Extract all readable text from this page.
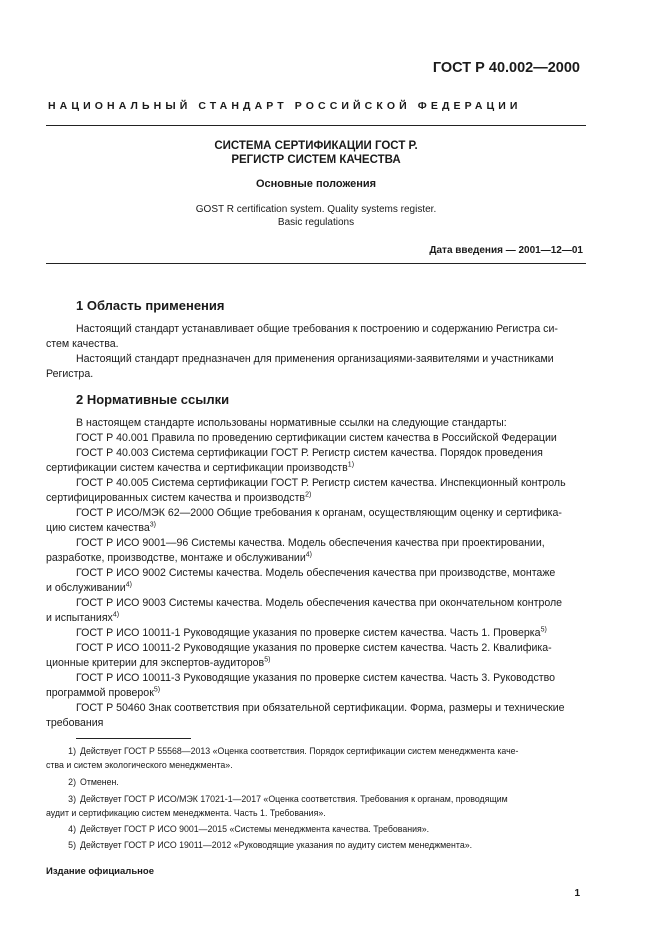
ГОСТ Р 40.002—2000
НАЦИОНАЛЬНЫЙ СТАНДАРТ РОССИЙСКОЙ ФЕДЕРАЦИИ
СИСТЕМА СЕРТИФИКАЦИИ ГОСТ Р.
РЕГИСТР СИСТЕМ КАЧЕСТВА
Основные положения
GOST R certification system. Quality systems register.
Basic regulations
Дата введения — 2001—12—01
1 Область применения
Настоящий стандарт устанавливает общие требования к построению и содержанию Регистра си-
стем качества.
Настоящий стандарт предназначен для применения организациями-заявителями и участниками
Регистра.
2 Нормативные ссылки
В настоящем стандарте использованы нормативные ссылки на следующие стандарты:
ГОСТ Р 40.001 Правила по проведению сертификации систем качества в Российской Федерации
ГОСТ Р 40.003 Система сертификации ГОСТ Р. Регистр систем качества. Порядок проведения
сертификации систем качества и сертификации производств$^{1)}$
ГОСТ Р 40.005 Система сертификации ГОСТ Р. Регистр систем качества. Инспекционный контроль
сертифицированных систем качества и производств$^{2)}$
ГОСТ Р ИСО/МЭК 62—2000 Общие требования к органам, осуществляющим оценку и сертифика-
цию систем качества$^{3)}$
ГОСТ Р ИСО 9001—96 Системы качества. Модель обеспечения качества при проектировании,
разработке, производстве, монтаже и обслуживании$^{4)}$
ГОСТ Р ИСО 9002 Системы качества. Модель обеспечения качества при производстве, монтаже
и обслуживании$^{4)}$
ГОСТ Р ИСО 9003 Системы качества. Модель обеспечения качества при окончательном контроле
и испытаниях$^{4)}$
ГОСТ Р ИСО 10011-1 Руководящие указания по проверке систем качества. Часть 1. Проверка$^{5)}$
ГОСТ Р ИСО 10011-2 Руководящие указания по проверке систем качества. Часть 2. Квалифика-
ционные критерии для экспертов-аудиторов$^{5)}$
ГОСТ Р ИСО 10011-3 Руководящие указания по проверке систем качества. Часть 3. Руководство
программой проверок$^{5)}$
ГОСТ Р 50460 Знак соответствия при обязательной сертификации. Форма, размеры и технические
требования
1) Действует ГОСТ Р 55568—2013 «Оценка соответствия. Порядок сертификации систем менеджмента каче-
ства и систем экологического менеджмента».
2) Отменен.
3) Действует ГОСТ Р ИСО/МЭК 17021-1—2017 «Оценка соответствия. Требования к органам, проводящим
аудит и сертификацию систем менеджмента. Часть 1. Требования».
4) Действует ГОСТ Р ИСО 9001—2015 «Системы менеджмента качества. Требования».
5) Действует ГОСТ Р ИСО 19011—2012 «Руководящие указания по аудиту систем менеджмента».
Издание официальное
1
